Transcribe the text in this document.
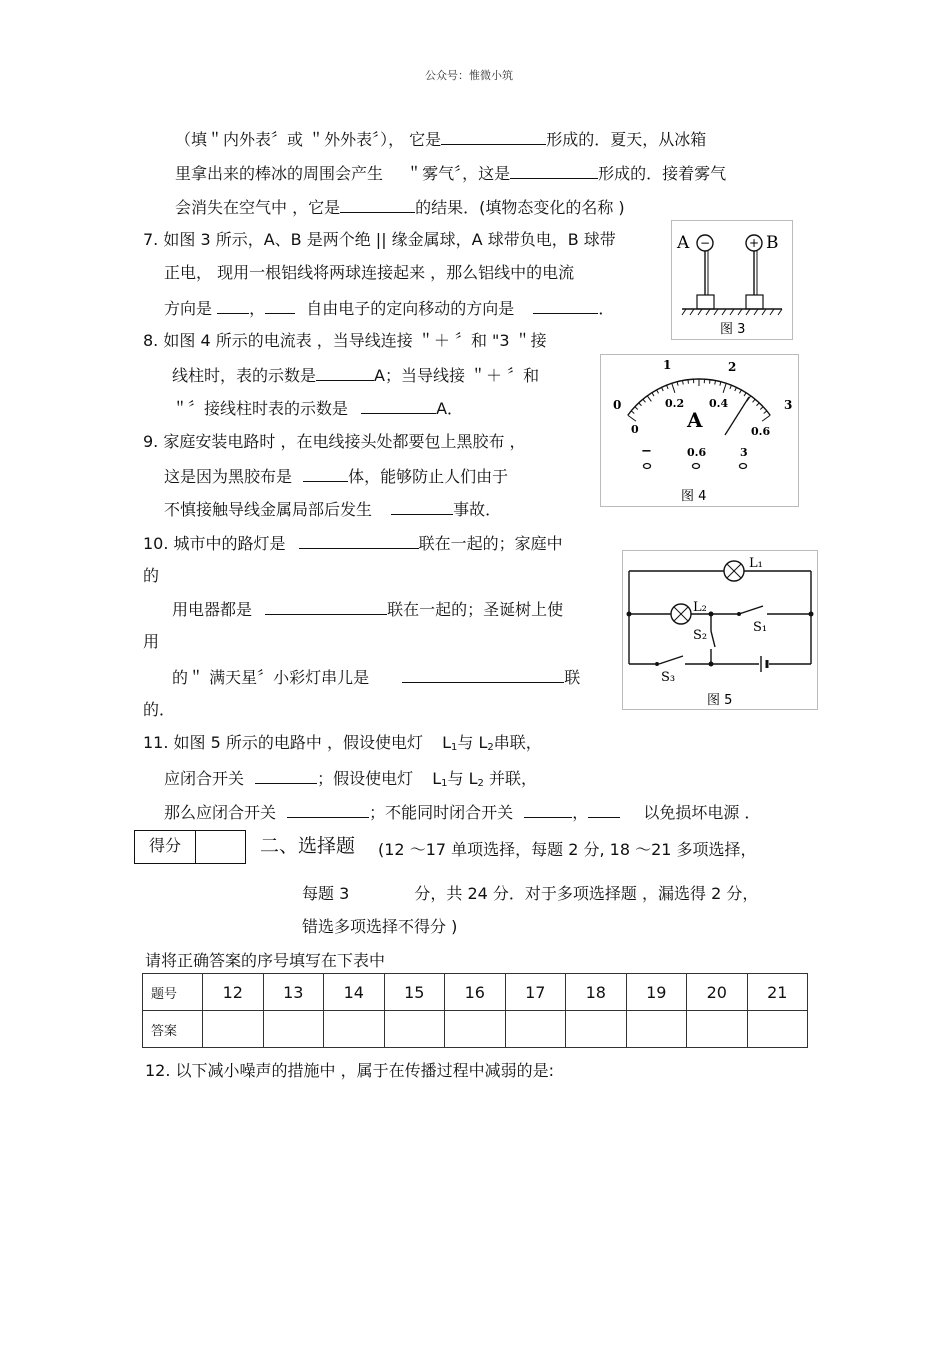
公众号：惟微小筑
（填＂内外表〞或 ＂外外表〞）， 它是	形成的．夏天，从冰箱
里拿出来的棒冰的周围会产生 ＂雾气〞，这是	形成的．接着雾气
会消失在空气中 ，它是	的结果．(填物态变化的名称 )
7. 如图 3 所示，A、B 是两个绝 || 缘金属球，A 球带负电，B 球带
正电， 现用一根铝线将两球连接起来 ，那么铝线中的电流
方向是 ，	自由电子的定向移动的方向是	．
8. 如图 4 所示的电流表 ，当导线连接 ＂＋ 〞和 "3 ＂接
线柱时，表的示数是	A；当导线接 ＂＋ 〞和
＂〞接线柱时表的示数是	A．
9. 家庭安装电路时 ，在电线接头处都要包上黑胶布 ，
这是因为黑胶布是	体，能够防止人们由于
不慎接触导线金属局部后发生	事故．
10. 城市中的路灯是	联在一起的；家庭中
的
用电器都是	联在一起的；圣诞树上使
用
的＂ 满天星〞小彩灯串儿是	联
的．
11. 如图 5 所示的电路中 ，假设使电灯 $L_1$与 $L_2$串联，
应闭合开关	；假设使电灯 $L_1$与 $L_2$ 并联，
那么应闭合开关	；不能同时闭合开关	，	以免损坏电源 ．
得分	二、选择题 (12 ～17 单项选择，每题 2 分, 18 ～21 多项选择，
每题 3	分，共 24 分．对于多项选择题 ，漏选得 2 分，
错选多项选择不得分 )
请将正确答案的序号填写在下表中
题号	12	13	14	15	16	17	18	19	20	21
答案										
12. 以下减小噪声的措施中 ，属于在传播过程中减弱的是:
−
A	+ B
图 3
0
1	2
3
0
0.2 0.4
0.6
A
−	0.6	3
图 4
L₁
L₂
S₁
S₂
S₃
图 5
